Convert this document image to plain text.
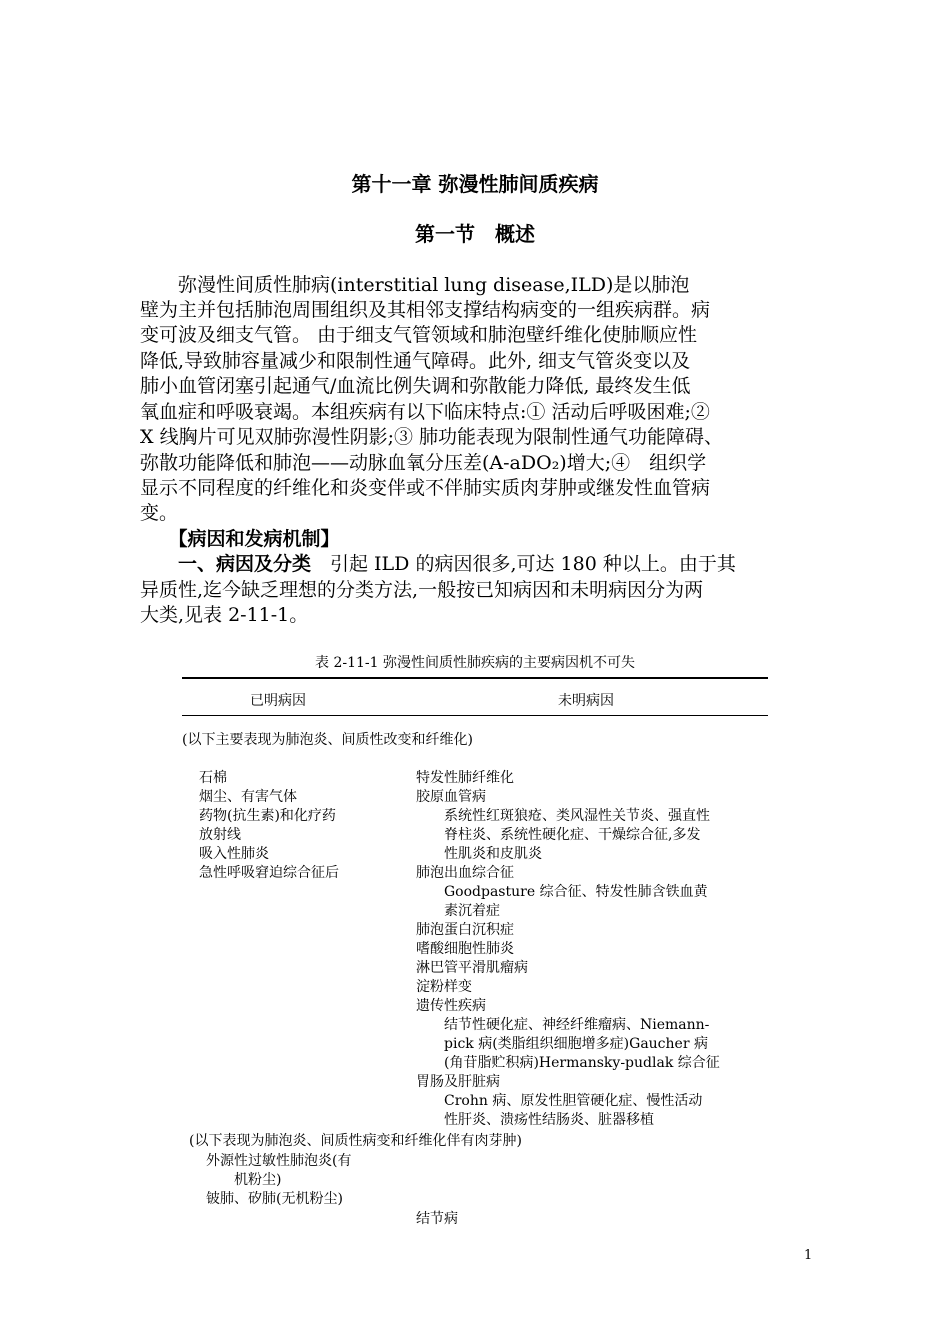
第十一章 弥漫性肺间质疾病
第一节　概述
　　弥漫性间质性肺病(interstitial lung disease,ILD)是以肺泡
壁为主并包括肺泡周围组织及其相邻支撑结构病变的一组疾病群。病
变可波及细支气管。 由于细支气管领域和肺泡壁纤维化使肺顺应性
降低,导致肺容量减少和限制性通气障碍。此外, 细支气管炎变以及
肺小血管闭塞引起通气/血流比例失调和弥散能力降低, 最终发生低
氧血症和呼吸衰竭。本组疾病有以下临床特点:① 活动后呼吸困难;②
X 线胸片可见双肺弥漫性阴影;③ 肺功能表现为限制性通气功能障碍、
弥散功能降低和肺泡——动脉血氧分压差(A-aDO₂)增大;④　组织学
显示不同程度的纤维化和炎变伴或不伴肺实质肉芽肿或继发性血管病
变。
　　【病因和发病机制】
　　一、病因及分类　引起 ILD 的病因很多,可达 180 种以上。由于其
异质性,迄今缺乏理想的分类方法,一般按已知病因和未明病因分为两
大类,见表 2-11-1。
表 2-11-1 弥漫性间质性肺疾病的主要病因机不可失
已明病因	未明病因
(以下主要表现为肺泡炎、间质性改变和纤维化)
石棉
烟尘、有害气体
药物(抗生素)和化疗药
放射线
吸入性肺炎
急性呼吸窘迫综合征后
特发性肺纤维化
胶原血管病
　　系统性红斑狼疮、类风湿性关节炎、强直性
　　脊柱炎、系统性硬化症、干燥综合征,多发
　　性肌炎和皮肌炎
肺泡出血综合征
　　Goodpasture 综合征、特发性肺含铁血黄
　　素沉着症
肺泡蛋白沉积症
嗜酸细胞性肺炎
淋巴管平滑肌瘤病
淀粉样变
遗传性疾病
　　结节性硬化症、神经纤维瘤病、Niemann-
　　pick 病(类脂组织细胞增多症)Gaucher 病
　　(角苷脂贮积病)Hermansky-pudlak 综合征
胃肠及肝脏病
　　Crohn 病、原发性胆管硬化症、慢性活动
　　性肝炎、溃疡性结肠炎、脏器移植
(以下表现为肺泡炎、间质性病变和纤维化伴有肉芽肿)
外源性过敏性肺泡炎(有
　　机粉尘)
铍肺、矽肺(无机粉尘)
结节病
1
